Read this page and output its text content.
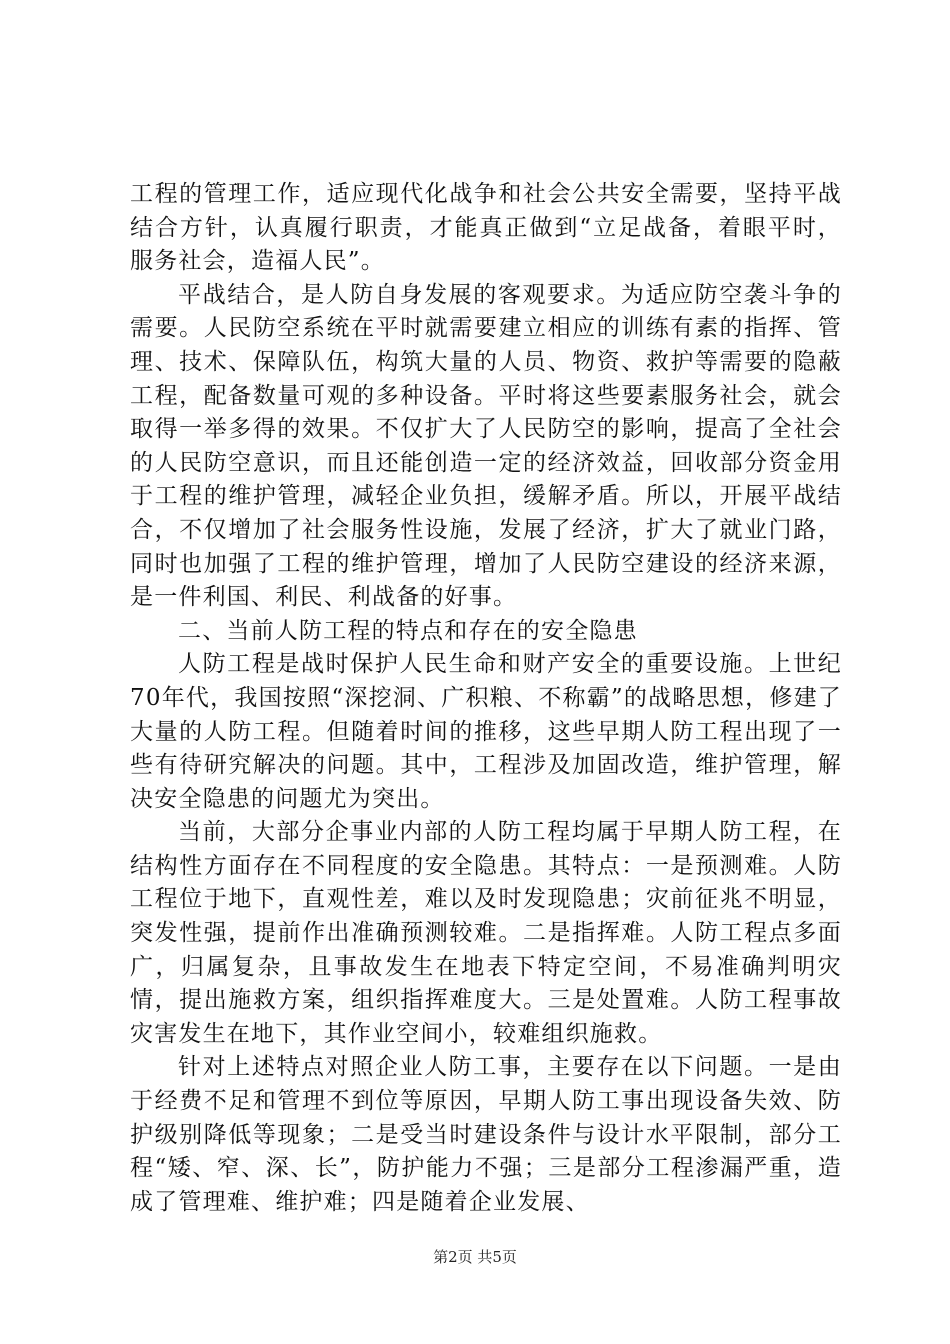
工程的管理工作，适应现代化战争和社会公共安全需要，坚持平战结合方针，认真履行职责，才能真正做到“立足战备，着眼平时，服务社会，造福人民”。

平战结合，是人防自身发展的客观要求。为适应防空袭斗争的需要。人民防空系统在平时就需要建立相应的训练有素的指挥、管理、技术、保障队伍，构筑大量的人员、物资、救护等需要的隐蔽工程，配备数量可观的多种设备。平时将这些要素服务社会，就会取得一举多得的效果。不仅扩大了人民防空的影响，提高了全社会的人民防空意识，而且还能创造一定的经济效益，回收部分资金用于工程的维护管理，减轻企业负担，缓解矛盾。所以，开展平战结合，不仅增加了社会服务性设施，发展了经济，扩大了就业门路，同时也加强了工程的维护管理，增加了人民防空建设的经济来源，是一件利国、利民、利战备的好事。

二、当前人防工程的特点和存在的安全隐患

人防工程是战时保护人民生命和财产安全的重要设施。上世纪70年代，我国按照“深挖洞、广积粮、不称霸”的战略思想，修建了大量的人防工程。但随着时间的推移，这些早期人防工程出现了一些有待研究解决的问题。其中，工程涉及加固改造，维护管理，解决安全隐患的问题尤为突出。

当前，大部分企事业内部的人防工程均属于早期人防工程，在结构性方面存在不同程度的安全隐患。其特点：一是预测难。人防工程位于地下，直观性差，难以及时发现隐患；灾前征兆不明显，突发性强，提前作出准确预测较难。二是指挥难。人防工程点多面广，归属复杂，且事故发生在地表下特定空间，不易准确判明灾情，提出施救方案，组织指挥难度大。三是处置难。人防工程事故灾害发生在地下，其作业空间小，较难组织施救。

针对上述特点对照企业人防工事，主要存在以下问题。一是由于经费不足和管理不到位等原因，早期人防工事出现设备失效、防护级别降低等现象；二是受当时建设条件与设计水平限制，部分工程“矮、窄、深、长”，防护能力不强；三是部分工程渗漏严重，造成了管理难、维护难；四是随着企业发展、

第2页 共5页
